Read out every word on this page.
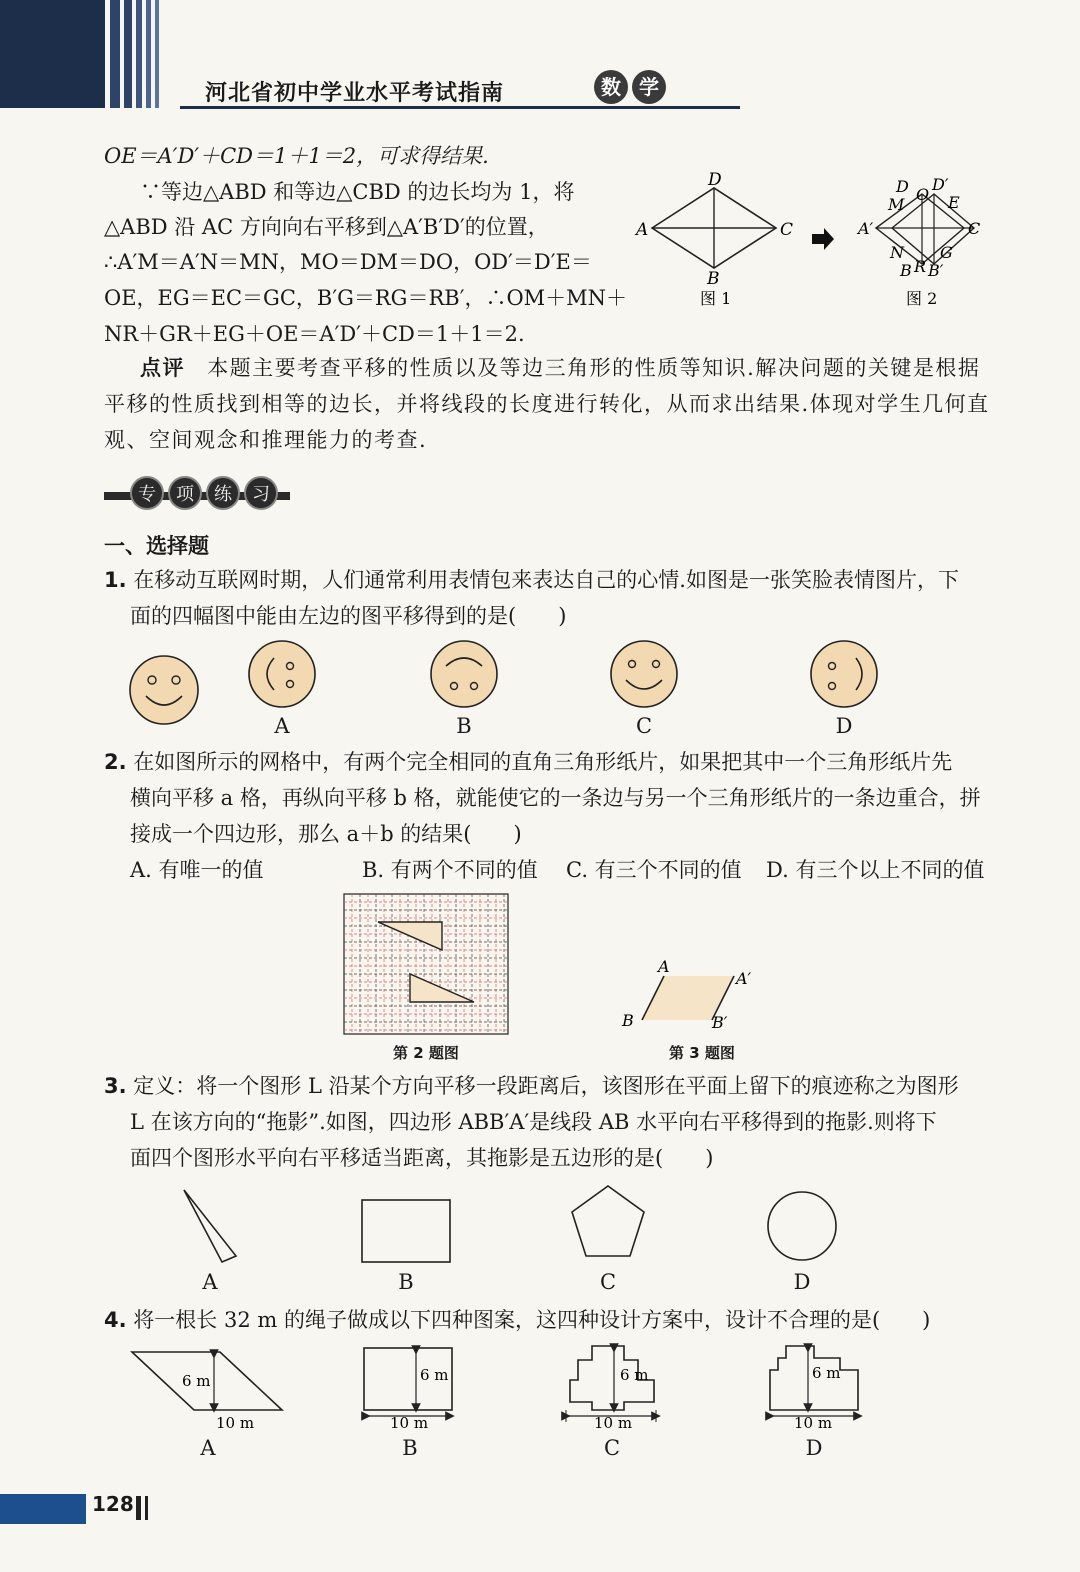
河北省初中学业水平考试指南	数 学
OE＝A′D′＋CD＝1＋1＝2，可求得结果.
∵等边△ABD 和等边△CBD 的边长均为 1，将
△ABD 沿 AC 方向向右平移到△A′B′D′的位置，
∴A′M＝A′N＝MN，MO＝DM＝DO，OD′＝D′E＝
OE，EG＝EC＝GC，B′G＝RG＝RB′，∴OM＋MN＋
NR＋GR＋EG＋OE＝A′D′＋CD＝1＋1＝2.
A
D
C
B
A′
D O
D′
M	E
C
N G
B R B′
图 1	图 2
点评 本题主要考查平移的性质以及等边三角形的性质等知识.解决问题的关键是根据
平移的性质找到相等的边长，并将线段的长度进行转化，从而求出结果.体现对学生几何直
观、空间观念和推理能力的考查.
专	项	练	习
一、选择题
1. 在移动互联网时期，人们通常利用表情包来表达自己的心情.如图是一张笑脸表情图片，下
面的四幅图中能由左边的图平移得到的是(　　)
A	B	C	D
2. 在如图所示的网格中，有两个完全相同的直角三角形纸片，如果把其中一个三角形纸片先
横向平移 a 格，再纵向平移 b 格，就能使它的一条边与另一个三角形纸片的一条边重合，拼
接成一个四边形，那么 a＋b 的结果(　　)
A. 有唯一的值	B. 有两个不同的值 C. 有三个不同的值 D. 有三个以上不同的值
第 2 题图
A
A′
B	B′
第 3 题图
3. 定义：将一个图形 L 沿某个方向平移一段距离后，该图形在平面上留下的痕迹称之为图形
L 在该方向的“拖影”.如图，四边形 ABB′A′是线段 AB 水平向右平移得到的拖影.则将下
面四个图形水平向右平移适当距离，其拖影是五边形的是(　　)
A	B	C	D
4. 将一根长 32 m 的绳子做成以下四种图案，这四种设计方案中，设计不合理的是(　　)
6 m
10 m
6 m
10 m
6 m
10 m
6 m
10 m
A	B	C	D
128
